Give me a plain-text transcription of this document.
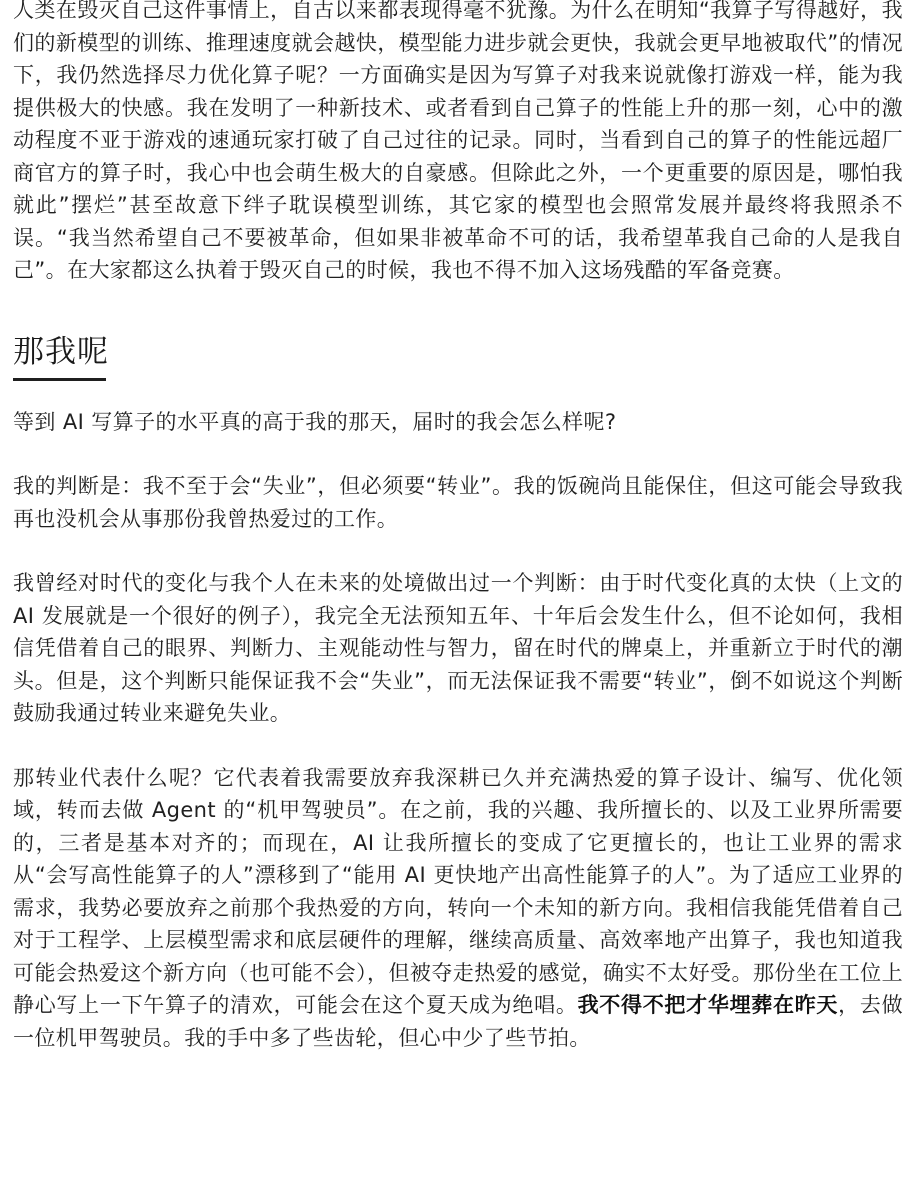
人类在毁灭自己这件事情上，自古以来都表现得毫不犹豫。为什么在明知“我算子写得越好，我们的新模型的训练、推理速度就会越快，模型能力进步就会更快，我就会更早地被取代”的情况下，我仍然选择尽力优化算子呢？一方面确实是因为写算子对我来说就像打游戏一样，能为我提供极大的快感。我在发明了一种新技术、或者看到自己算子的性能上升的那一刻，心中的激动程度不亚于游戏的速通玩家打破了自己过往的记录。同时，当看到自己的算子的性能远超厂商官方的算子时，我心中也会萌生极大的自豪感。但除此之外，一个更重要的原因是，哪怕我就此”摆烂”甚至故意下绊子耽误模型训练，其它家的模型也会照常发展并最终将我照杀不误。“我当然希望自己不要被革命，但如果非被革命不可的话，我希望革我自己命的人是我自己”。在大家都这么执着于毁灭自己的时候，我也不得不加入这场残酷的军备竞赛。

那我呢

等到 AI 写算子的水平真的高于我的那天，届时的我会怎么样呢?

我的判断是：我不至于会“失业”，但必须要“转业”。我的饭碗尚且能保住，但这可能会导致我再也没机会从事那份我曾热爱过的工作。

我曾经对时代的变化与我个人在未来的处境做出过一个判断：由于时代变化真的太快（上文的 AI 发展就是一个很好的例子），我完全无法预知五年、十年后会发生什么，但不论如何，我相信凭借着自己的眼界、判断力、主观能动性与智力，留在时代的牌桌上，并重新立于时代的潮头。但是，这个判断只能保证我不会“失业”，而无法保证我不需要“转业”，倒不如说这个判断鼓励我通过转业来避免失业。

那转业代表什么呢？它代表着我需要放弃我深耕已久并充满热爱的算子设计、编写、优化领域，转而去做 Agent 的“机甲驾驶员”。在之前，我的兴趣、我所擅长的、以及工业界所需要的，三者是基本对齐的；而现在，AI 让我所擅长的变成了它更擅长的，也让工业界的需求从“会写高性能算子的人”漂移到了“能用 AI 更快地产出高性能算子的人”。为了适应工业界的需求，我势必要放弃之前那个我热爱的方向，转向一个未知的新方向。我相信我能凭借着自己对于工程学、上层模型需求和底层硬件的理解，继续高质量、高效率地产出算子，我也知道我可能会热爱这个新方向（也可能不会），但被夺走热爱的感觉，确实不太好受。那份坐在工位上静心写上一下午算子的清欢，可能会在这个夏天成为绝唱。我不得不把才华埋葬在昨天，去做一位机甲驾驶员。我的手中多了些齿轮，但心中少了些节拍。
